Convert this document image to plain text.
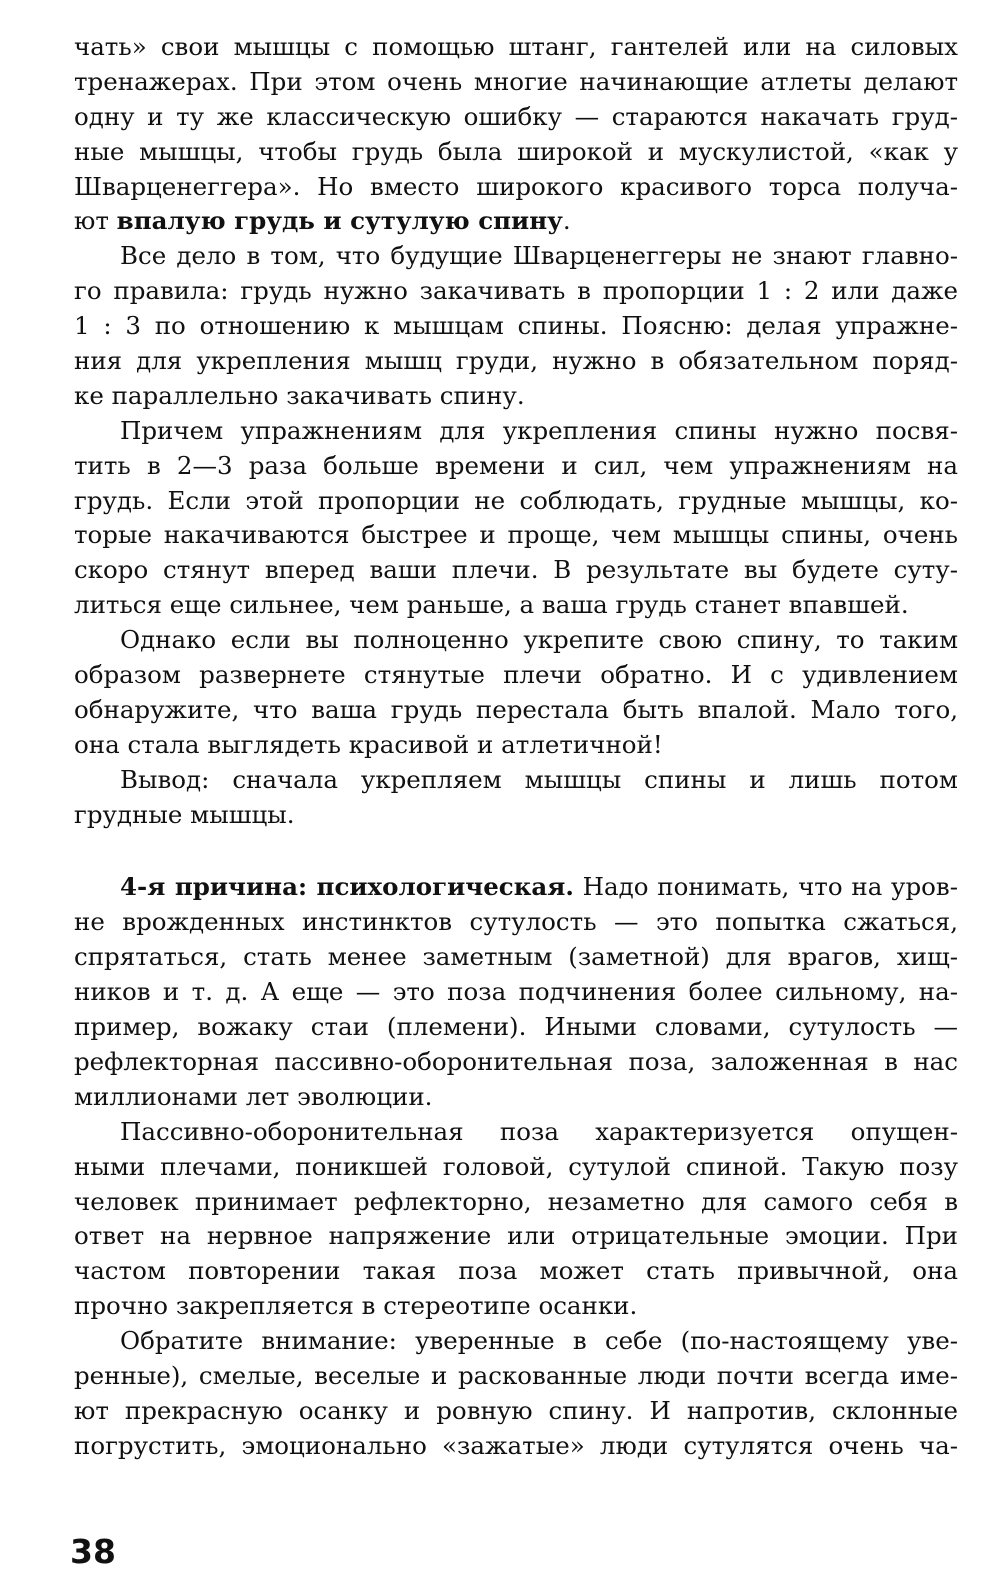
чать» свои мышцы с помощью штанг, гантелей или на силовых
тренажерах. При этом очень многие начинающие атлеты делают
одну и ту же классическую ошибку — стараются накачать груд-
ные мышцы, чтобы грудь была широкой и мускулистой, «как у
Шварценеггера». Но вместо широкого красивого торса получа-
ют впалую грудь и сутулую спину.
Все дело в том, что будущие Шварценеггеры не знают главно-
го правила: грудь нужно закачивать в пропорции 1 : 2 или даже
1 : 3 по отношению к мышцам спины. Поясню: делая упражне-
ния для укрепления мышц груди, нужно в обязательном поряд-
ке параллельно закачивать спину.
Причем упражнениям для укрепления спины нужно посвя-
тить в 2—3 раза больше времени и сил, чем упражнениям на
грудь. Если этой пропорции не соблюдать, грудные мышцы, ко-
торые накачиваются быстрее и проще, чем мышцы спины, очень
скоро стянут вперед ваши плечи. В результате вы будете суту-
литься еще сильнее, чем раньше, а ваша грудь станет впавшей.
Однако если вы полноценно укрепите свою спину, то таким
образом развернете стянутые плечи обратно. И с удивлением
обнаружите, что ваша грудь перестала быть впалой. Мало того,
она стала выглядеть красивой и атлетичной!
Вывод: сначала укрепляем мышцы спины и лишь потом
грудные мышцы.
4-я причина: психологическая. Надо понимать, что на уров-
не врожденных инстинктов сутулость — это попытка сжаться,
спрятаться, стать менее заметным (заметной) для врагов, хищ-
ников и т. д. А еще — это поза подчинения более сильному, на-
пример, вожаку стаи (племени). Иными словами, сутулость —
рефлекторная пассивно-оборонительная поза, заложенная в нас
миллионами лет эволюции.
Пассивно-оборонительная поза характеризуется опущен-
ными плечами, поникшей головой, сутулой спиной. Такую позу
человек принимает рефлекторно, незаметно для самого себя в
ответ на нервное напряжение или отрицательные эмоции. При
частом повторении такая поза может стать привычной, она
прочно закрепляется в стереотипе осанки.
Обратите внимание: уверенные в себе (по-настоящему уве-
ренные), смелые, веселые и раскованные люди почти всегда име-
ют прекрасную осанку и ровную спину. И напротив, склонные
погрустить, эмоционально «зажатые» люди сутулятся очень ча-
38
